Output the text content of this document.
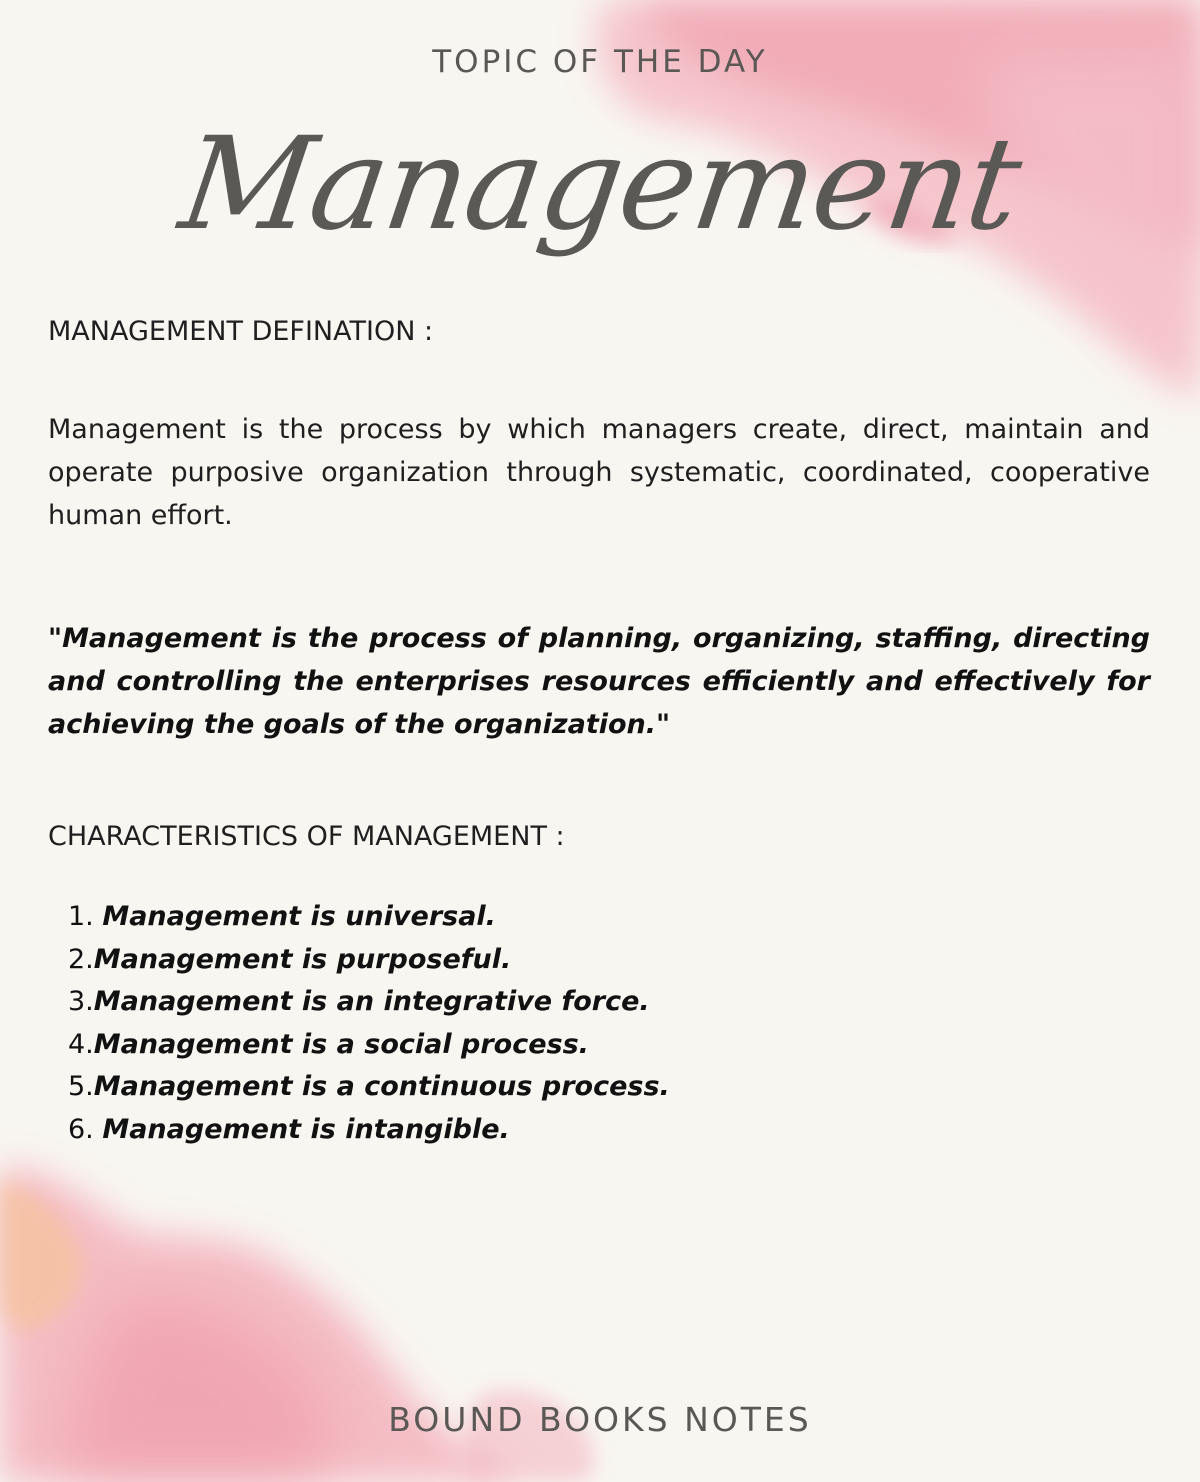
TOPIC OF THE DAY
Management
MANAGEMENT DEFINATION :

Management is the process by which managers create, direct, maintain and operate purposive organization through systematic, coordinated, cooperative human effort.

"Management is the process of planning, organizing, staffing, directing and controlling the enterprises resources efficiently and effectively for achieving the goals of the organization."

CHARACTERISTICS OF MANAGEMENT :
1. Management is universal.
2.Management is purposeful.
3.Management is an integrative force.
4.Management is a social process.
5.Management is a continuous process.
6. Management is intangible.
BOUND BOOKS NOTES
